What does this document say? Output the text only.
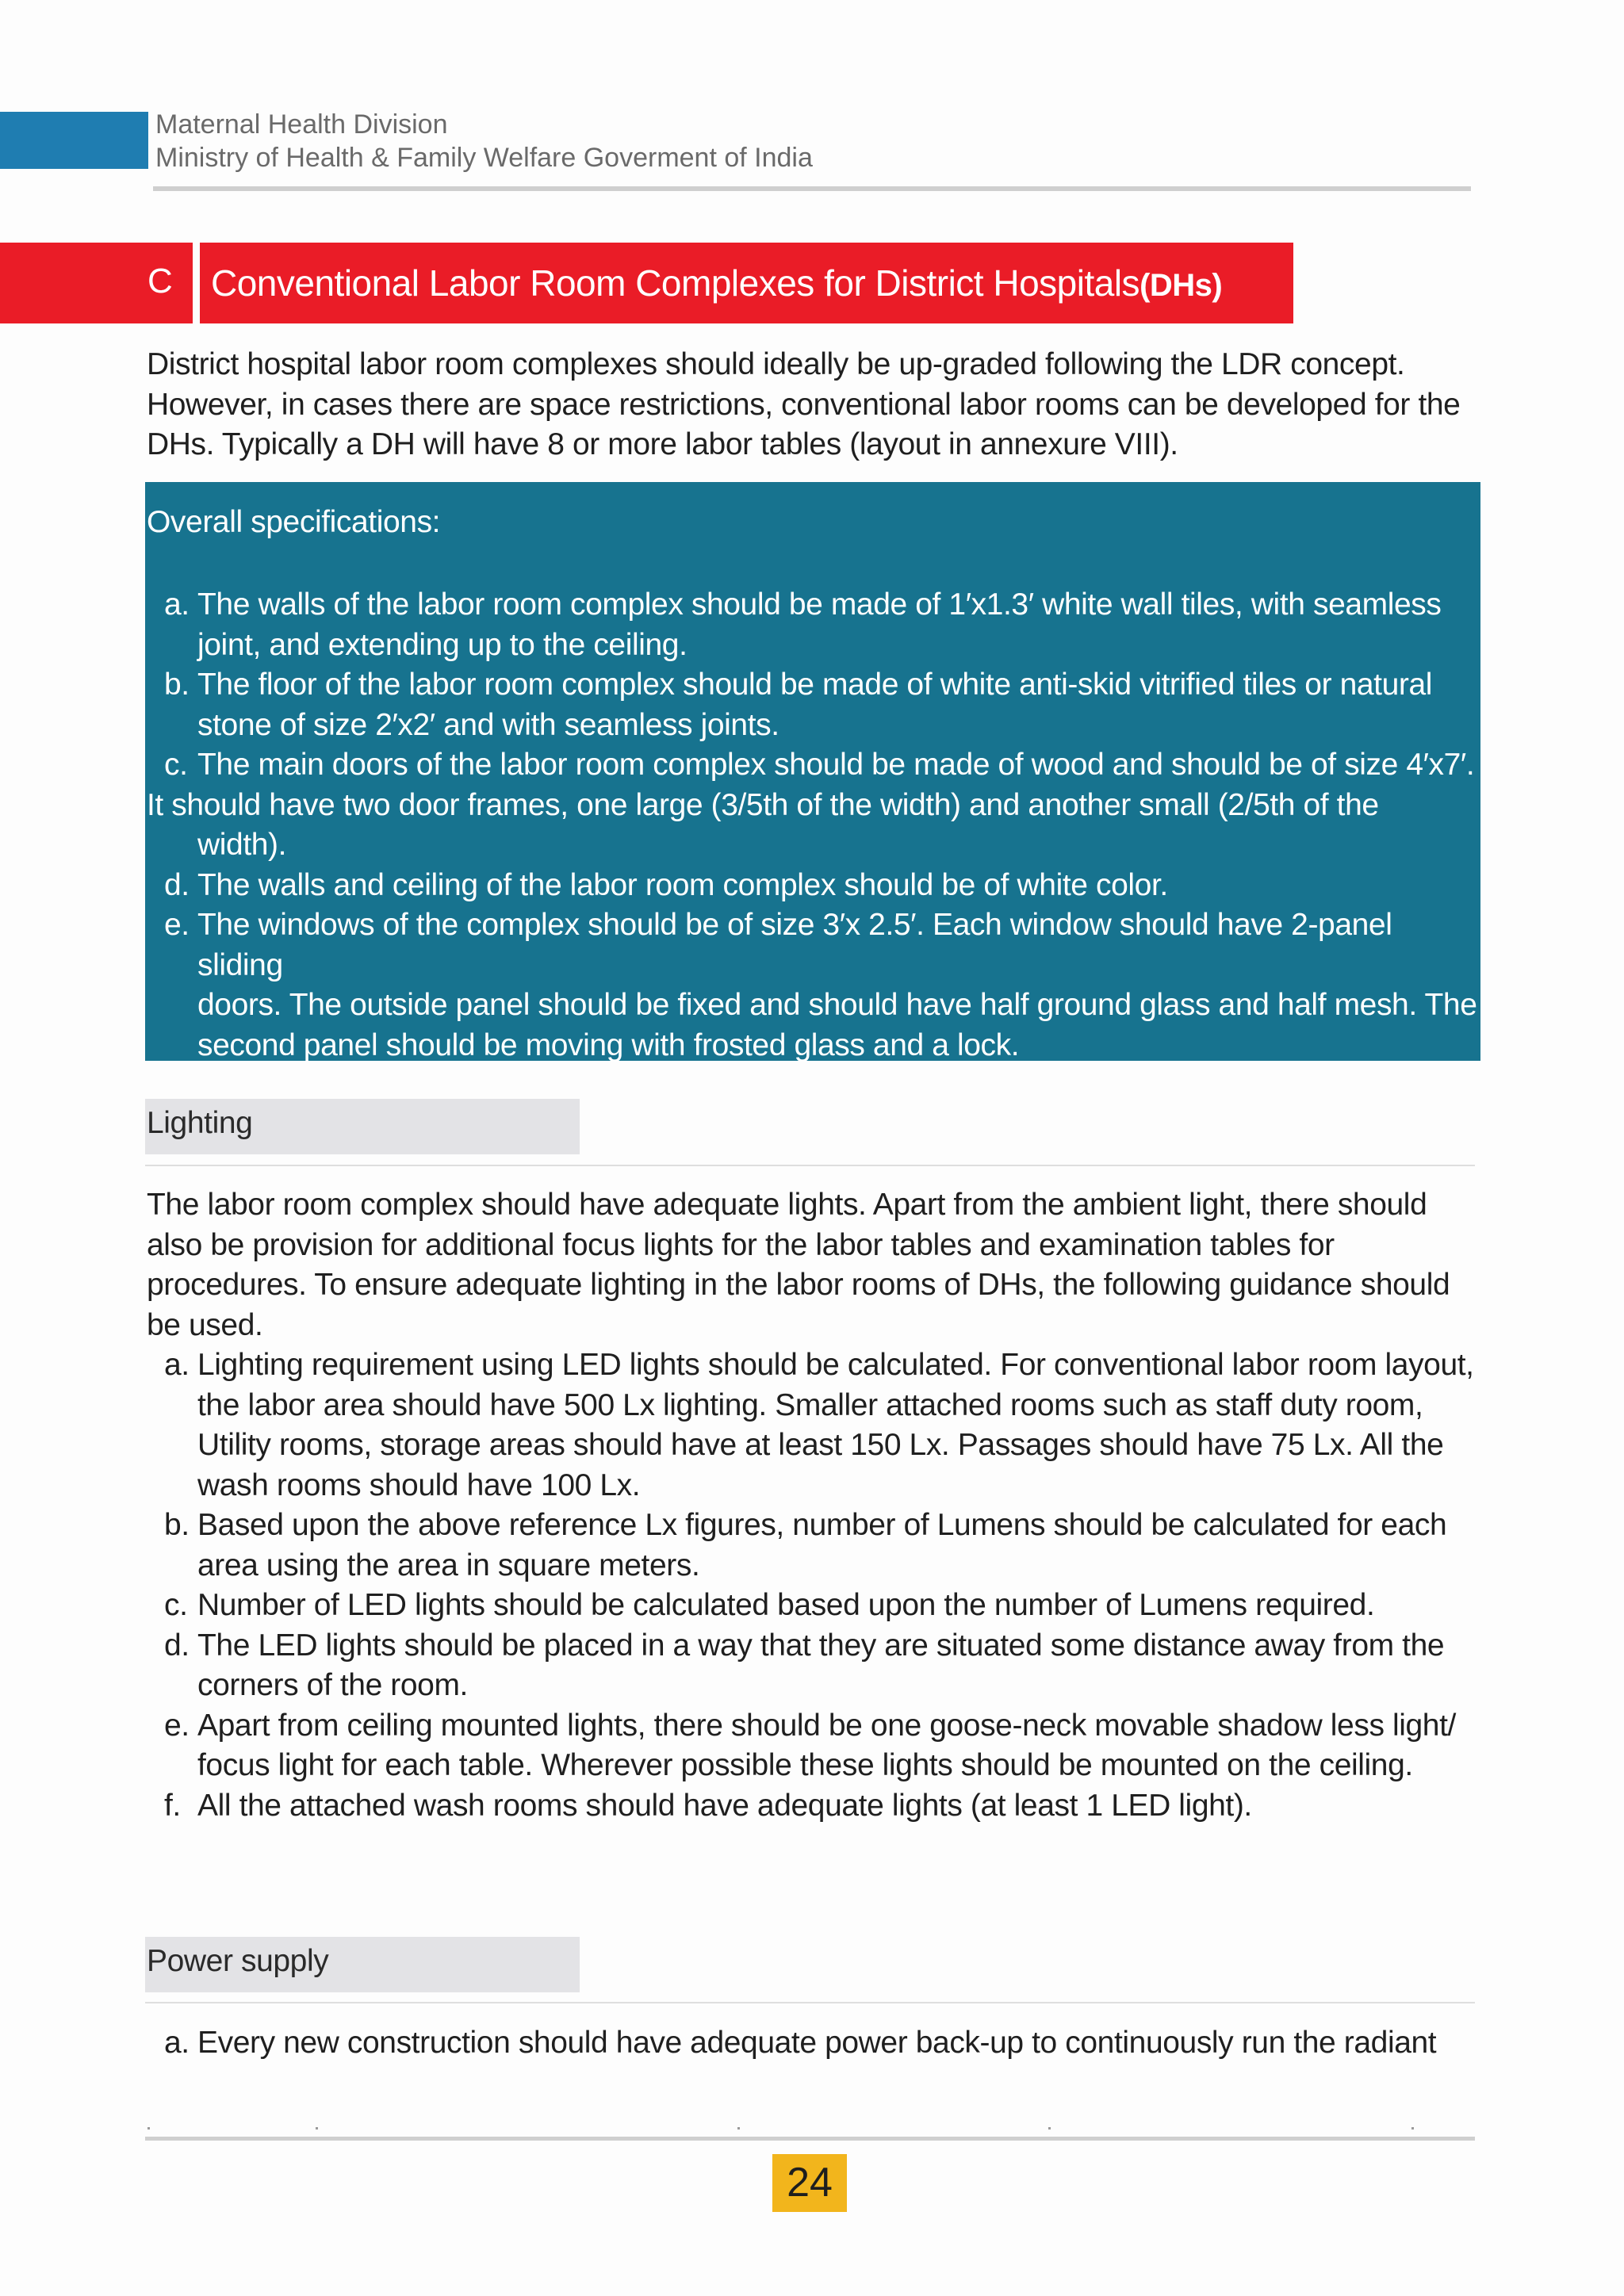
Maternal Health Division
Ministry of Health & Family Welfare Goverment of India
C Conventional Labor Room Complexes for District Hospitals(DHs)
District hospital labor room complexes should ideally be up-graded following the LDR concept.
However, in cases there are space restrictions, conventional labor rooms can be developed for the
DHs. Typically a DH will have 8 or more labor tables (layout in annexure VIII).
Overall specifications:
a. The walls of the labor room complex should be made of 1′x1.3′ white wall tiles, with seamless
joint, and extending up to the ceiling.
b. The floor of the labor room complex should be made of white anti-skid vitrified tiles or natural
stone of size 2′x2′ and with seamless joints.
c. The main doors of the labor room complex should be made of wood and should be of size 4′x7′.
It should have two door frames, one large (3/5th of the width) and another small (2/5th of the
width).
d. The walls and ceiling of the labor room complex should be of white color.
e. The windows of the complex should be of size 3′x 2.5′. Each window should have 2-panel sliding
doors. The outside panel should be fixed and should have half ground glass and half mesh. The
second panel should be moving with frosted glass and a lock.
Lighting
The labor room complex should have adequate lights. Apart from the ambient light, there should
also be provision for additional focus lights for the labor tables and examination tables for
procedures. To ensure adequate lighting in the labor rooms of DHs, the following guidance should
be used.
a. Lighting requirement using LED lights should be calculated. For conventional labor room layout,
the labor area should have 500 Lx lighting. Smaller attached rooms such as staff duty room,
Utility rooms, storage areas should have at least 150 Lx. Passages should have 75 Lx. All the
wash rooms should have 100 Lx.
b. Based upon the above reference Lx figures, number of Lumens should be calculated for each
area using the area in square meters.
c. Number of LED lights should be calculated based upon the number of Lumens required.
d. The LED lights should be placed in a way that they are situated some distance away from the
corners of the room.
e. Apart from ceiling mounted lights, there should be one goose-neck movable shadow less light/
focus light for each table. Wherever possible these lights should be mounted on the ceiling.
f. All the attached wash rooms should have adequate lights (at least 1 LED light).
Power supply
a. Every new construction should have adequate power back-up to continuously run the radiant
24
